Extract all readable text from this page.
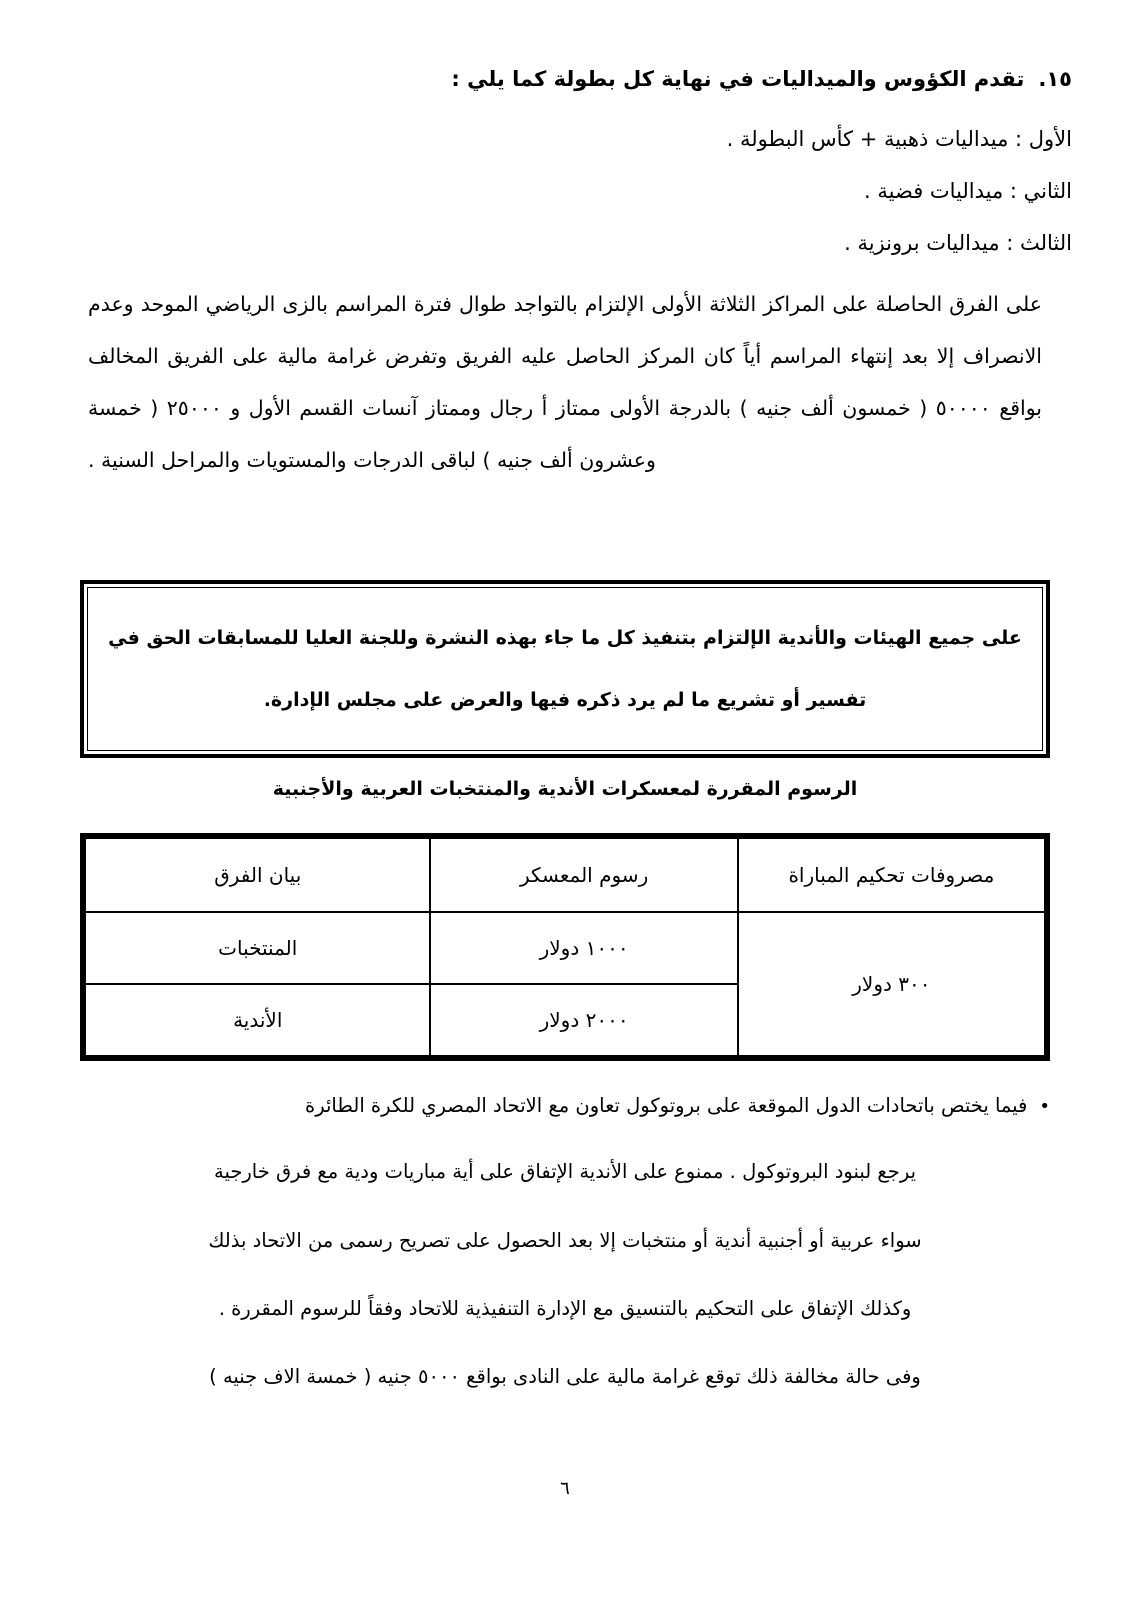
١٥.
تقدم الكؤوس والميداليات في نهاية كل بطولة كما يلي :
الأول : ميداليات ذهبية + كأس البطولة .
الثاني : ميداليات فضية .
الثالث : ميداليات برونزية .
على الفرق الحاصلة على المراكز الثلاثة الأولى الإلتزام بالتواجد طوال فترة المراسم بالزى الرياضي الموحد وعدم الانصراف إلا بعد إنتهاء المراسم أياً كان المركز الحاصل عليه الفريق وتفرض غرامة مالية على الفريق المخالف بواقع ٥٠٠٠٠ ( خمسون ألف جنيه ) بالدرجة الأولى ممتاز أ رجال وممتاز آنسات القسم الأول و ٢٥٠٠٠ ( خمسة وعشرون ألف جنيه ) لباقى الدرجات والمستويات والمراحل السنية .
على جميع الهيئات والأندية الإلتزام بتنفيذ كل ما جاء بهذه النشرة وللجنة العليا للمسابقات الحق في
تفسير أو تشريع ما لم يرد ذكره فيها والعرض على مجلس الإدارة.
الرسوم المقررة لمعسكرات الأندية والمنتخبات العربية والأجنبية
مصروفات تحكيم المباراة	رسوم المعسكر	بيان الفرق
٣٠٠ دولار	١٠٠٠ دولار	المنتخبات
	٢٠٠٠ دولار	الأندية
•
فيما يختص باتحادات الدول الموقعة على بروتوكول تعاون مع الاتحاد المصري للكرة الطائرة
يرجع لبنود البروتوكول . ممنوع على الأندية الإتفاق على أية مباريات ودية مع فرق خارجية
سواء عربية أو أجنبية أندية أو منتخبات إلا بعد الحصول على تصريح رسمى من الاتحاد بذلك
وكذلك الإتفاق على التحكيم بالتنسيق مع الإدارة التنفيذية للاتحاد وفقاً للرسوم المقررة .
وفى حالة مخالفة ذلك توقع غرامة مالية على النادى بواقع ٥٠٠٠ جنيه ( خمسة الاف جنيه )
٦
